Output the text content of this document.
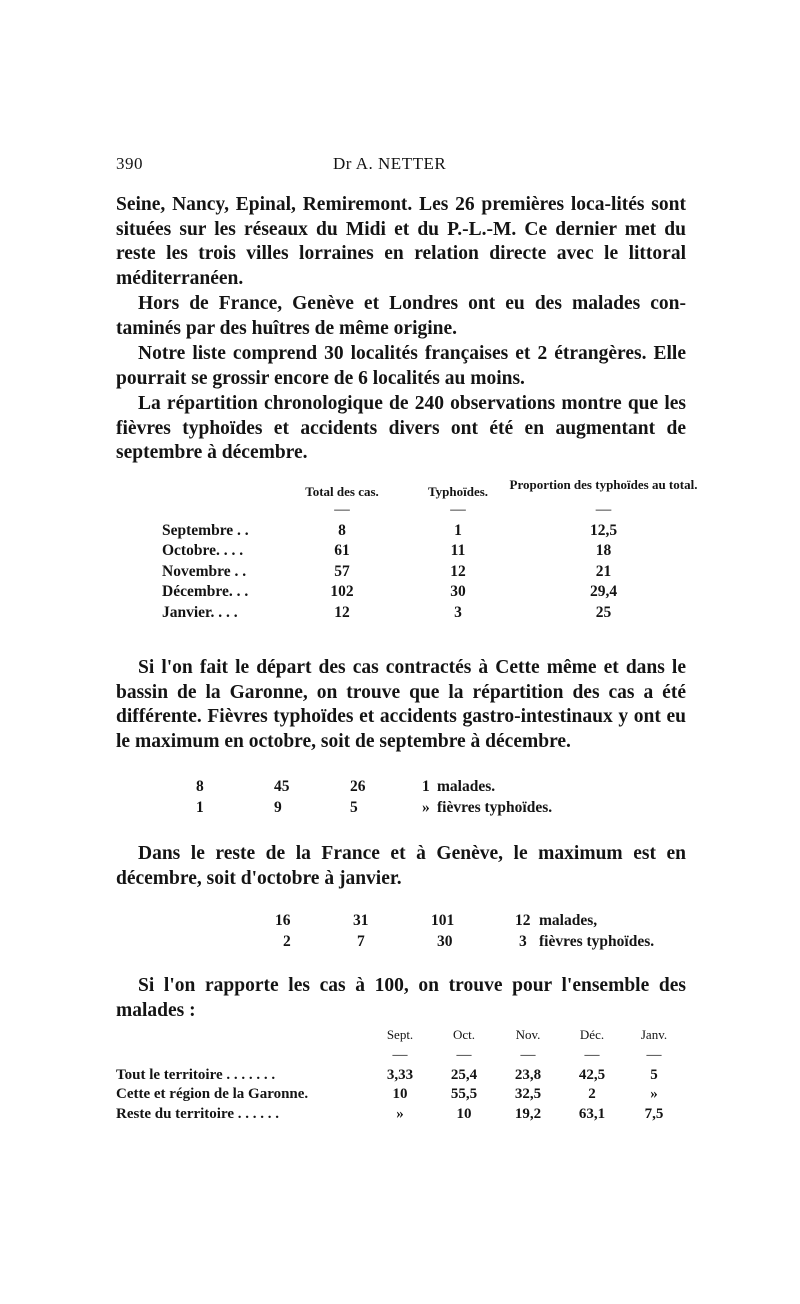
390	Dr A. NETTER

Seine, Nancy, Epinal, Remiremont. Les 26 premières loca-lités sont situées sur les réseaux du Midi et du P.-L.-M. Ce dernier met du reste les trois villes lorraines en relation directe avec le littoral méditerranéen.

Hors de France, Genève et Londres ont eu des malades con-taminés par des huîtres de même origine.

Notre liste comprend 30 localités françaises et 2 étrangères. Elle pourrait se grossir encore de 6 localités au moins.

La répartition chronologique de 240 observations montre que les fièvres typhoïdes et accidents divers ont été en augmentant de septembre à décembre.

	Total des cas.	Typhoïdes.	Proportion des typhoïdes au total.
	—	—	—
Septembre . .	8	1	12,5
Octobre. . . .	61	11	18
Novembre . .	57	12	21
Décembre. . .	102	30	29,4
Janvier. . . .	12	3	25

Si l'on fait le départ des cas contractés à Cette même et dans le bassin de la Garonne, on trouve que la répartition des cas a été différente. Fièvres typhoïdes et accidents gastro-intestinaux y ont eu le maximum en octobre, soit de septembre à décembre.

8	45	26	1	malades.
1	9	5	»	fièvres typhoïdes.

Dans le reste de la France et à Genève, le maximum est en décembre, soit d'octobre à janvier.

16	31	101	12	malades,
2	7	30	3	fièvres typhoïdes.

Si l'on rapporte les cas à 100, on trouve pour l'ensemble des malades :

	Sept.	Oct.	Nov.	Déc.	Janv.
	—	—	—	—	—
Tout le territoire . . . . . . .	3,33	25,4	23,8	42,5	5
Cette et région de la Garonne.	10	55,5	32,5	2	»
Reste du territoire . . . . . .	»	10	19,2	63,1	7,5
